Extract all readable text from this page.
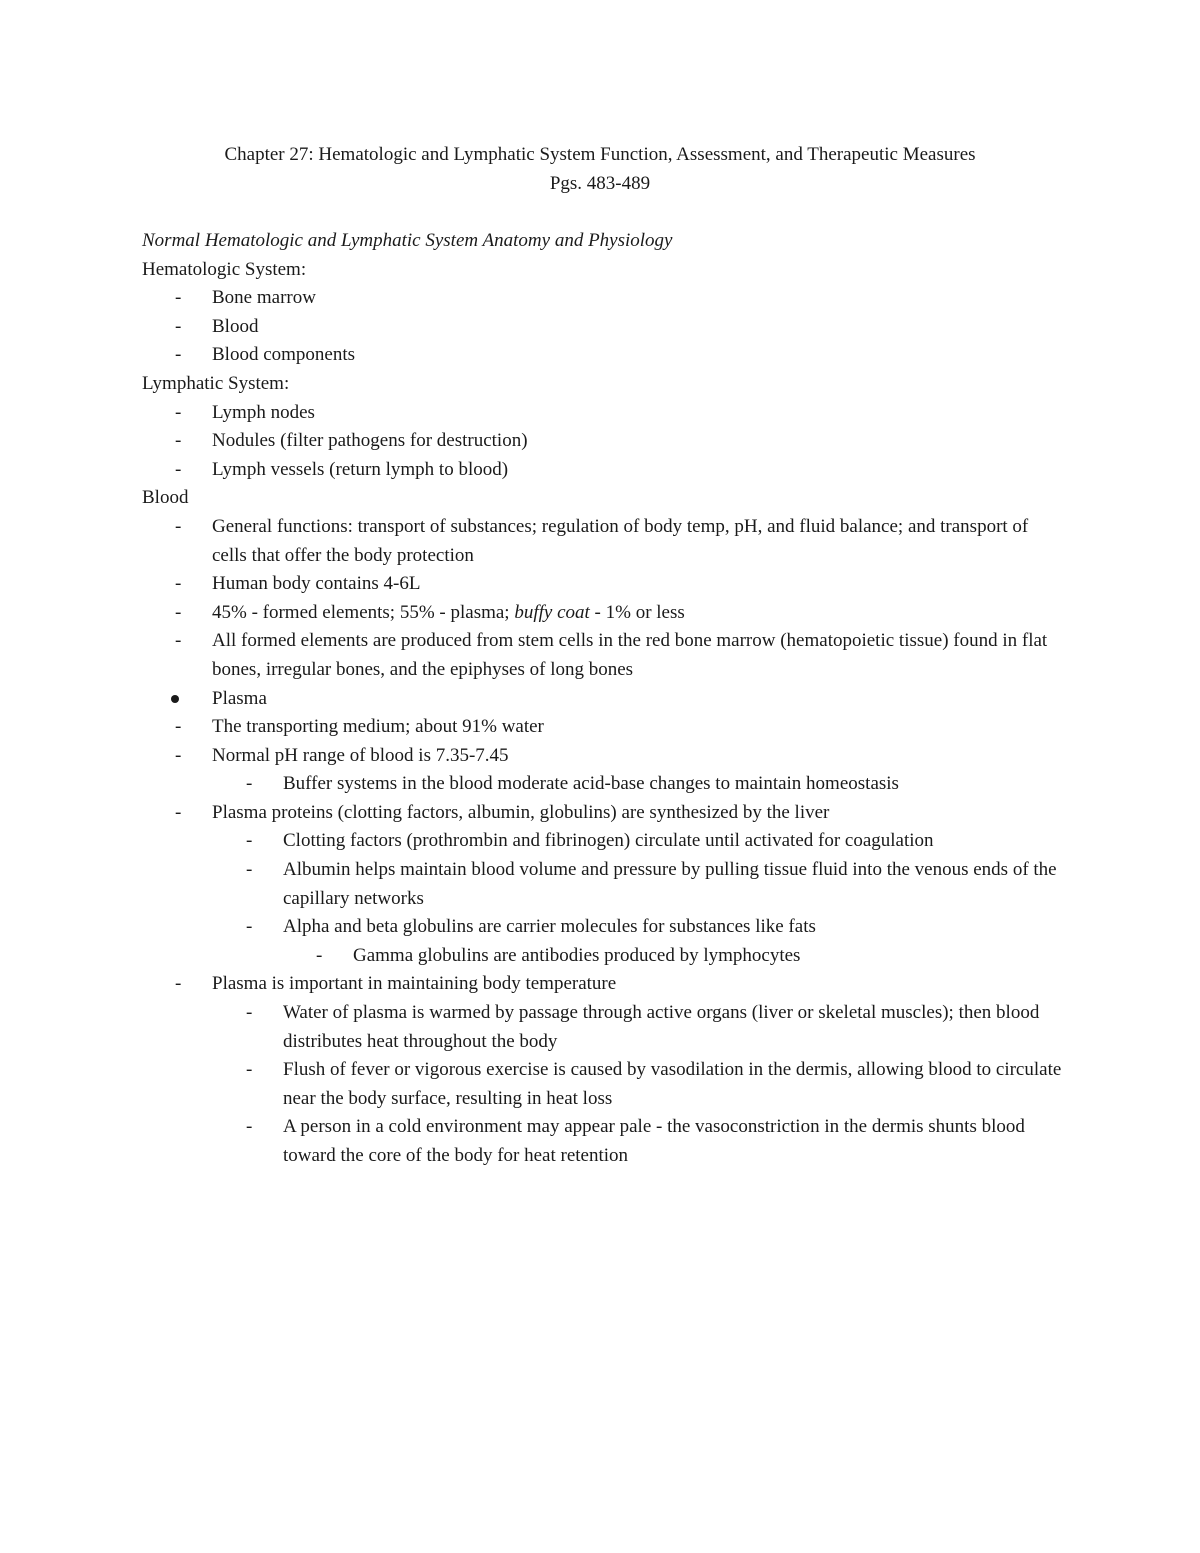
Chapter 27: Hematologic and Lymphatic System Function, Assessment, and Therapeutic Measures
Pgs. 483-489
Normal Hematologic and Lymphatic System Anatomy and Physiology
Hematologic System:
- Bone marrow
- Blood
- Blood components
Lymphatic System:
- Lymph nodes
- Nodules (filter pathogens for destruction)
- Lymph vessels (return lymph to blood)
Blood
- General functions: transport of substances; regulation of body temp, pH, and fluid balance; and transport of cells that offer the body protection
- Human body contains 4-6L
- 45% - formed elements; 55% - plasma; buffy coat - 1% or less
- All formed elements are produced from stem cells in the red bone marrow (hematopoietic tissue) found in flat bones, irregular bones, and the epiphyses of long bones
Plasma
- The transporting medium; about 91% water
- Normal pH range of blood is 7.35-7.45
- Buffer systems in the blood moderate acid-base changes to maintain homeostasis
- Plasma proteins (clotting factors, albumin, globulins) are synthesized by the liver
- Clotting factors (prothrombin and fibrinogen) circulate until activated for coagulation
- Albumin helps maintain blood volume and pressure by pulling tissue fluid into the venous ends of the capillary networks
- Alpha and beta globulins are carrier molecules for substances like fats
- Gamma globulins are antibodies produced by lymphocytes
- Plasma is important in maintaining body temperature
- Water of plasma is warmed by passage through active organs (liver or skeletal muscles); then blood distributes heat throughout the body
- Flush of fever or vigorous exercise is caused by vasodilation in the dermis, allowing blood to circulate near the body surface, resulting in heat loss
- A person in a cold environment may appear pale - the vasoconstriction in the dermis shunts blood toward the core of the body for heat retention
